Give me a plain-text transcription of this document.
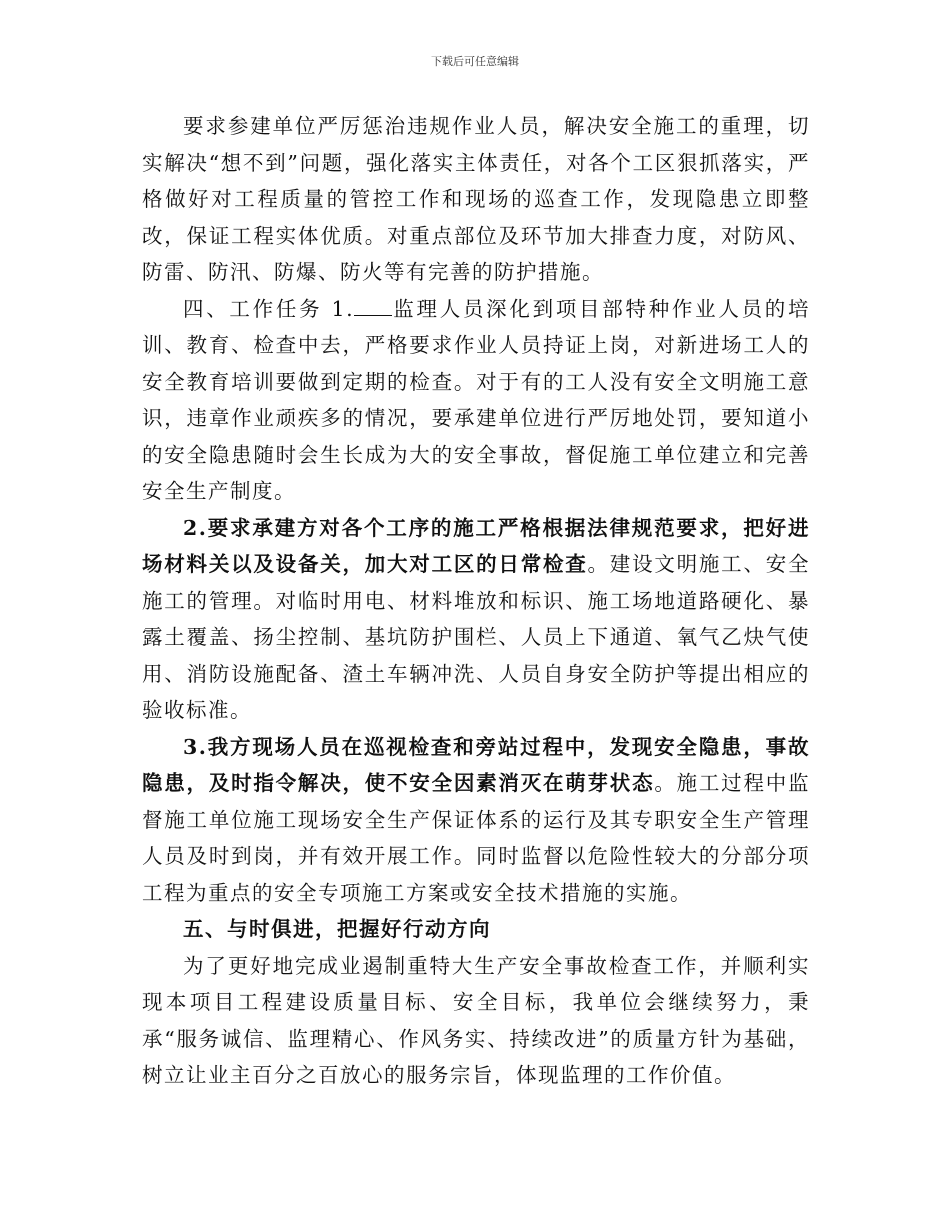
下载后可任意编辑

要求参建单位严厉惩治违规作业人员，解决安全施工的重理，切实解决“想不到”问题，强化落实主体责任，对各个工区狠抓落实，严格做好对工程质量的管控工作和现场的巡查工作，发现隐患立即整改，保证工程实体优质。对重点部位及环节加大排查力度，对防风、防雷、防汛、防爆、防火等有完善的防护措施。

四、工作任务 1. 监理人员深化到项目部特种作业人员的培训、教育、检查中去，严格要求作业人员持证上岗，对新进场工人的安全教育培训要做到定期的检查。对于有的工人没有安全文明施工意识，违章作业顽疾多的情况，要承建单位进行严厉地处罚，要知道小的安全隐患随时会生长成为大的安全事故，督促施工单位建立和完善安全生产制度。

2.要求承建方对各个工序的施工严格根据法律规范要求，把好进场材料关以及设备关，加大对工区的日常检查。建设文明施工、安全施工的管理。对临时用电、材料堆放和标识、施工场地道路硬化、暴露土覆盖、扬尘控制、基坑防护围栏、人员上下通道、氧气乙炔气使用、消防设施配备、渣土车辆冲洗、人员自身安全防护等提出相应的验收标准。

3.我方现场人员在巡视检查和旁站过程中，发现安全隐患，事故隐患，及时指令解决，使不安全因素消灭在萌芽状态。施工过程中监督施工单位施工现场安全生产保证体系的运行及其专职安全生产管理人员及时到岗，并有效开展工作。同时监督以危险性较大的分部分项工程为重点的安全专项施工方案或安全技术措施的实施。

五、与时俱进，把握好行动方向

为了更好地完成业遏制重特大生产安全事故检查工作，并顺利实现本项目工程建设质量目标、安全目标，我单位会继续努力，秉承“服务诚信、监理精心、作风务实、持续改进”的质量方针为基础，树立让业主百分之百放心的服务宗旨，体现监理的工作价值。
